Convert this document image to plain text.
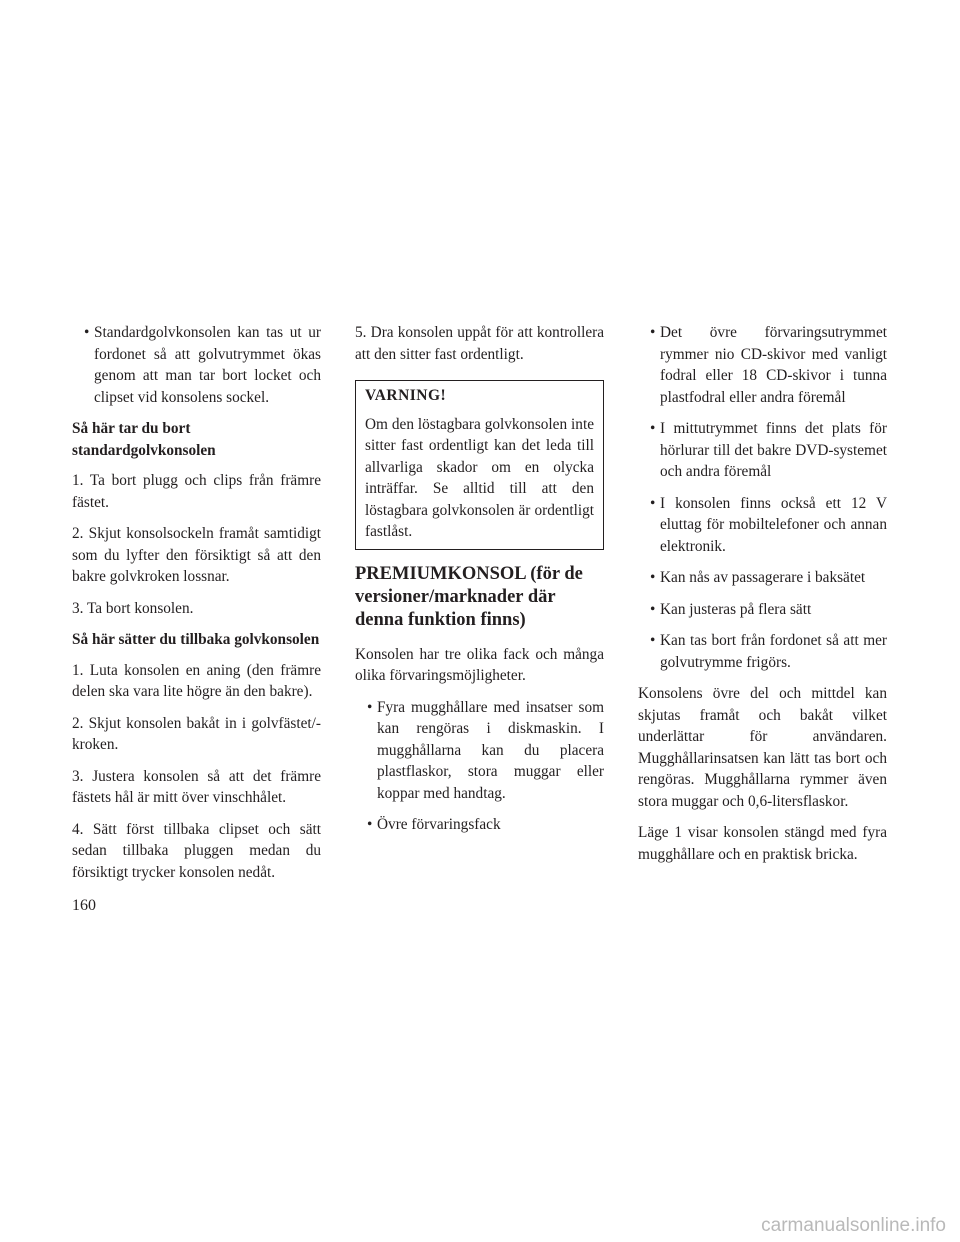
• Standardgolvkonsolen kan tas ut ur fordonet så att golvutrymmet ökas genom att man tar bort locket och clipset vid konsolens sockel.
Så här tar du bort standardgolvkonsolen

1. Ta bort plugg och clips från främre fästet.

2. Skjut konsolsockeln framåt samtidigt som du lyfter den försiktigt så att den bakre golvkroken lossnar.

3. Ta bort konsolen.

Så här sätter du tillbaka golvkonsolen

1. Luta konsolen en aning (den främre delen ska vara lite högre än den bakre).

2. Skjut konsolen bakåt in i golvfästet/-kroken.

3. Justera konsolen så att det främre fästets hål är mitt över vinschhålet.

4. Sätt först tillbaka clipset och sätt sedan tillbaka pluggen medan du försiktigt trycker konsolen nedåt.

5. Dra konsolen uppåt för att kontrollera att den sitter fast ordentligt.

VARNING!
Om den löstagbara golvkonsolen inte sitter fast ordentligt kan det leda till allvarliga skador om en olycka inträffar. Se alltid till att den löstagbara golvkonsolen är ordentligt fastlåst.
PREMIUMKONSOL (för de versioner/marknader där denna funktion finns)

Konsolen har tre olika fack och många olika förvaringsmöjligheter.

• Fyra mugghållare med insatser som kan rengöras i diskmaskin. I mugghållarna kan du placera plastflaskor, stora muggar eller koppar med handtag.
• Övre förvaringsfack
• Det övre förvaringsutrymmet rymmer nio CD-skivor med vanligt fodral eller 18 CD-skivor i tunna plastfodral eller andra föremål
• I mittutrymmet finns det plats för hörlurar till det bakre DVD-systemet och andra föremål
• I konsolen finns också ett 12 V eluttag för mobiltelefoner och annan elektronik.
• Kan nås av passagerare i baksätet
• Kan justeras på flera sätt
• Kan tas bort från fordonet så att mer golvutrymme frigörs.

Konsolens övre del och mittdel kan skjutas framåt och bakåt vilket underlättar för användaren. Mugghållarinsatsen kan lätt tas bort och rengöras. Mugghållarna rymmer även stora muggar och 0,6-litersflaskor.

Läge 1 visar konsolen stängd med fyra mugghållare och en praktisk bricka.

160
carmanualsonline.info
